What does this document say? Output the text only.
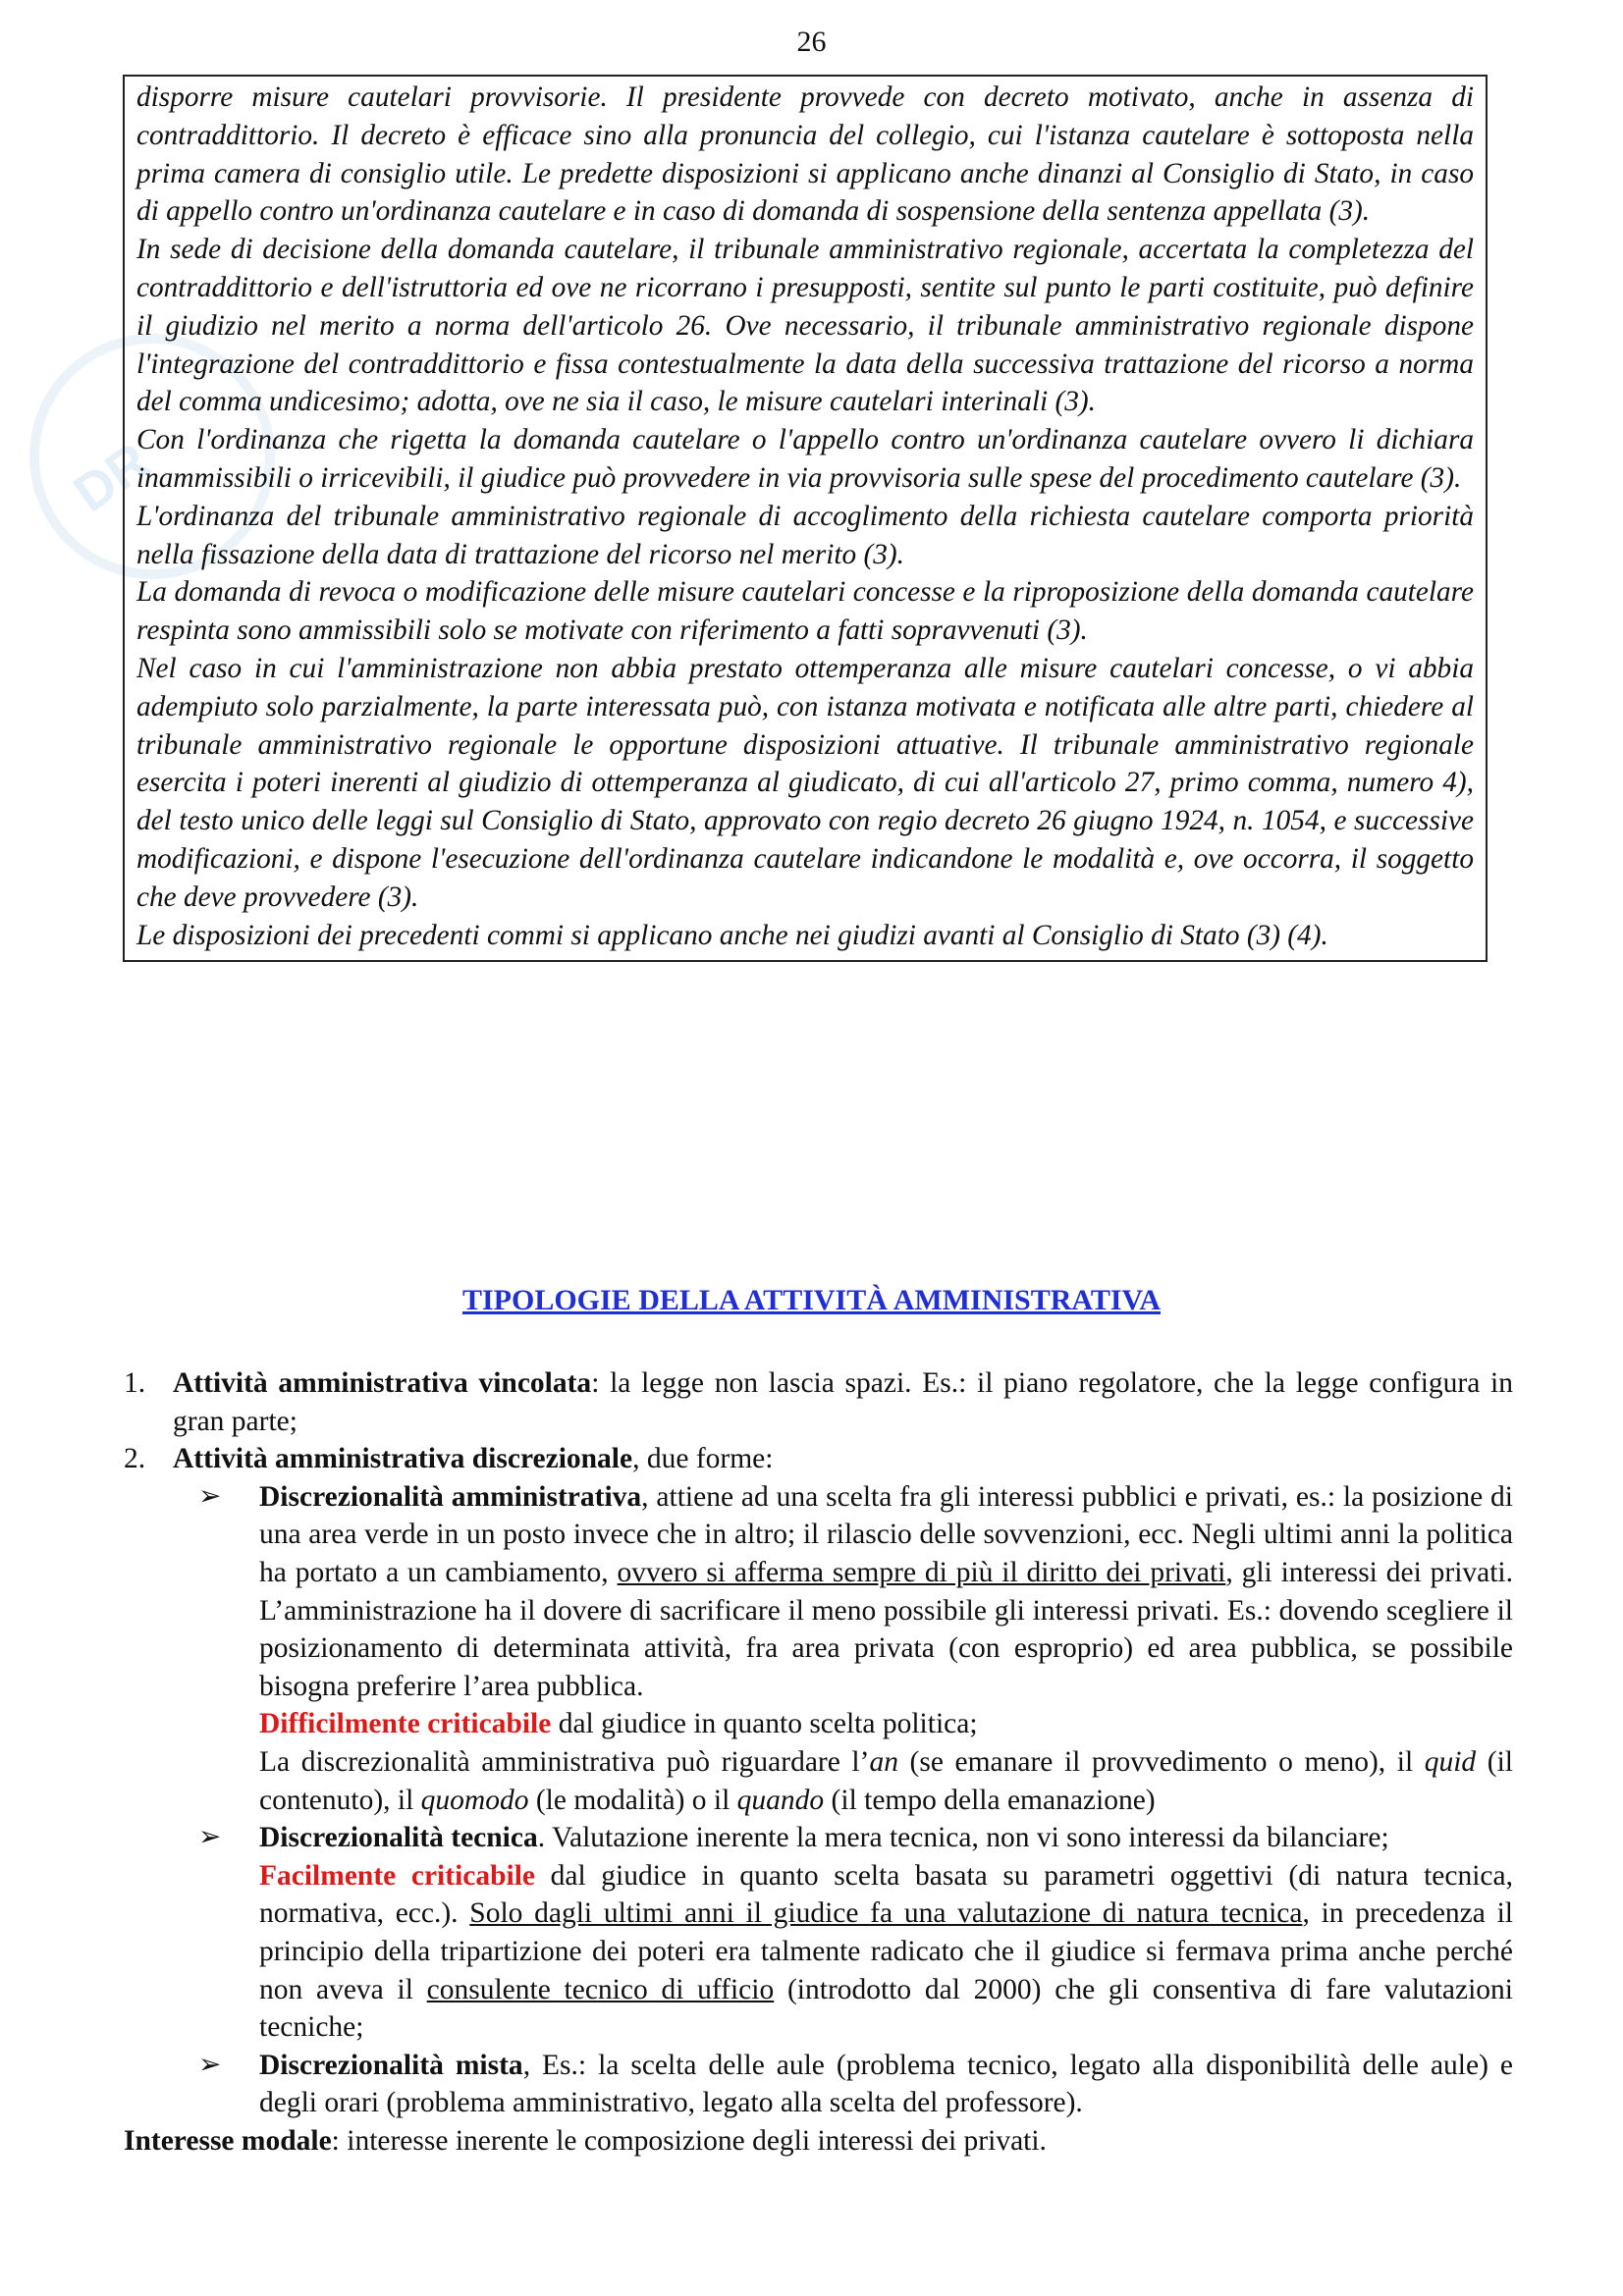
DR
26

disporre misure cautelari provvisorie. Il presidente provvede con decreto motivato, anche in assenza di contraddittorio. Il decreto è efficace sino alla pronuncia del collegio, cui l'istanza cautelare è sottoposta nella prima camera di consiglio utile. Le predette disposizioni si applicano anche dinanzi al Consiglio di Stato, in caso di appello contro un'ordinanza cautelare e in caso di domanda di sospensione della sentenza appellata (3).

In sede di decisione della domanda cautelare, il tribunale amministrativo regionale, accertata la completezza del contraddittorio e dell'istruttoria ed ove ne ricorrano i presupposti, sentite sul punto le parti costituite, può definire il giudizio nel merito a norma dell'articolo 26. Ove necessario, il tribunale amministrativo regionale dispone l'integrazione del contraddittorio e fissa contestualmente la data della successiva trattazione del ricorso a norma del comma undicesimo; adotta, ove ne sia il caso, le misure cautelari interinali (3).

Con l'ordinanza che rigetta la domanda cautelare o l'appello contro un'ordinanza cautelare ovvero li dichiara inammissibili o irricevibili, il giudice può provvedere in via provvisoria sulle spese del procedimento cautelare (3).

L'ordinanza del tribunale amministrativo regionale di accoglimento della richiesta cautelare comporta priorità nella fissazione della data di trattazione del ricorso nel merito (3).

La domanda di revoca o modificazione delle misure cautelari concesse e la riproposizione della domanda cautelare respinta sono ammissibili solo se motivate con riferimento a fatti sopravvenuti (3).

Nel caso in cui l'amministrazione non abbia prestato ottemperanza alle misure cautelari concesse, o vi abbia adempiuto solo parzialmente, la parte interessata può, con istanza motivata e notificata alle altre parti, chiedere al tribunale amministrativo regionale le opportune disposizioni attuative. Il tribunale amministrativo regionale esercita i poteri inerenti al giudizio di ottemperanza al giudicato, di cui all'articolo 27, primo comma, numero 4), del testo unico delle leggi sul Consiglio di Stato, approvato con regio decreto 26 giugno 1924, n. 1054, e successive modificazioni, e dispone l'esecuzione dell'ordinanza cautelare indicandone le modalità e, ove occorra, il soggetto che deve provvedere (3).

Le disposizioni dei precedenti commi si applicano anche nei giudizi avanti al Consiglio di Stato (3) (4).

TIPOLOGIE DELLA ATTIVITÀ AMMINISTRATIVA
1. Attività amministrativa vincolata: la legge non lascia spazi. Es.: il piano regolatore, che la legge configura in gran parte;
2. Attività amministrativa discrezionale, due forme:
➢ Discrezionalità amministrativa, attiene ad una scelta fra gli interessi pubblici e privati, es.: la posizione di una area verde in un posto invece che in altro; il rilascio delle sovvenzioni, ecc. Negli ultimi anni la politica ha portato a un cambiamento, ovvero si afferma sempre di più il diritto dei privati, gli interessi dei privati. L’amministrazione ha il dovere di sacrificare il meno possibile gli interessi privati. Es.: dovendo scegliere il posizionamento di determinata attività, fra area privata (con esproprio) ed area pubblica, se possibile bisogna preferire l’area pubblica.

Difficilmente criticabile dal giudice in quanto scelta politica;

La discrezionalità amministrativa può riguardare l’an (se emanare il provvedimento o meno), il quid (il contenuto), il quomodo (le modalità) o il quando (il tempo della emanazione)

➢ Discrezionalità tecnica. Valutazione inerente la mera tecnica, non vi sono interessi da bilanciare;

Facilmente criticabile dal giudice in quanto scelta basata su parametri oggettivi (di natura tecnica, normativa, ecc.). Solo dagli ultimi anni il giudice fa una valutazione di natura tecnica, in precedenza il principio della tripartizione dei poteri era talmente radicato che il giudice si fermava prima anche perché non aveva il consulente tecnico di ufficio (introdotto dal 2000) che gli consentiva di fare valutazioni tecniche;

➢ Discrezionalità mista, Es.: la scelta delle aule (problema tecnico, legato alla disponibilità delle aule) e degli orari (problema amministrativo, legato alla scelta del professore).

Interesse modale: interesse inerente le composizione degli interessi dei privati.
